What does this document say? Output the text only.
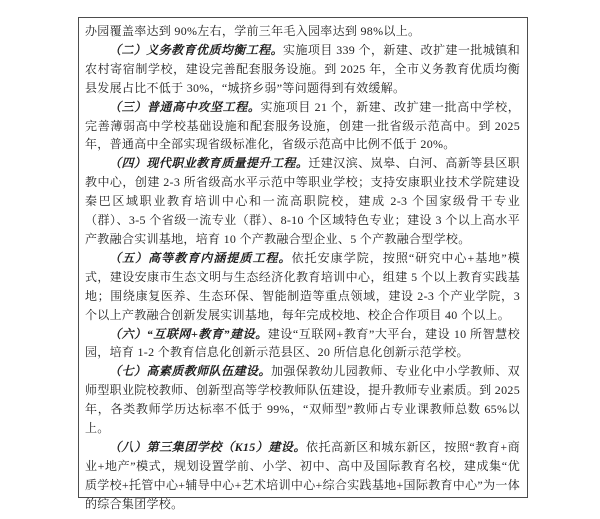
办园覆盖率达到 90%左右，学前三年毛入园率达到 98%以上。

（二）义务教育优质均衡工程。实施项目 339 个，新建、改扩建一批城镇和农村寄宿制学校，建设完善配套服务设施。到 2025 年，全市义务教育优质均衡县发展占比不低于 30%，“城挤乡弱”等问题得到有效缓解。

（三）普通高中攻坚工程。实施项目 21 个，新建、改扩建一批高中学校，完善薄弱高中学校基础设施和配套服务设施，创建一批省级示范高中。到 2025 年，普通高中全部实现省级标准化，省级示范高中比例不低于 20%。

（四）现代职业教育质量提升工程。迁建汉滨、岚皋、白河、高新等县区职教中心，创建 2-3 所省级高水平示范中等职业学校；支持安康职业技术学院建设秦巴区域职业教育培训中心和一流高职院校，建成 2-3 个国家级骨干专业（群）、3-5 个省级一流专业（群）、8-10 个区域特色专业；建设 3 个以上高水平产教融合实训基地，培育 10 个产教融合型企业、5 个产教融合型学校。

（五）高等教育内涵提质工程。依托安康学院，按照“研究中心+基地”模式，建设安康市生态文明与生态经济化教育培训中心，组建 5 个以上教育实践基地；围绕康复医养、生态环保、智能制造等重点领域，建设 2-3 个产业学院，3 个以上产教融合创新发展实训基地，每年完成校地、校企合作项目 40 个以上。

（六）“互联网+教育”建设。建设“互联网+教育”大平台，建设 10 所智慧校园，培育 1-2 个教育信息化创新示范县区、20 所信息化创新示范学校。

（七）高素质教师队伍建设。加强保教幼儿园教师、专业化中小学教师、双师型职业院校教师、创新型高等学校教师队伍建设，提升教师专业素质。到 2025 年，各类教师学历达标率不低于 99%，“双师型”教师占专业课教师总数 65%以上。

（八）第三集团学校（K15）建设。依托高新区和城东新区，按照“教育+商业+地产”模式，规划设置学前、小学、初中、高中及国际教育名校，建成集“优质学校+托管中心+辅导中心+艺术培训中心+综合实践基地+国际教育中心”为一体的综合集团学校。
